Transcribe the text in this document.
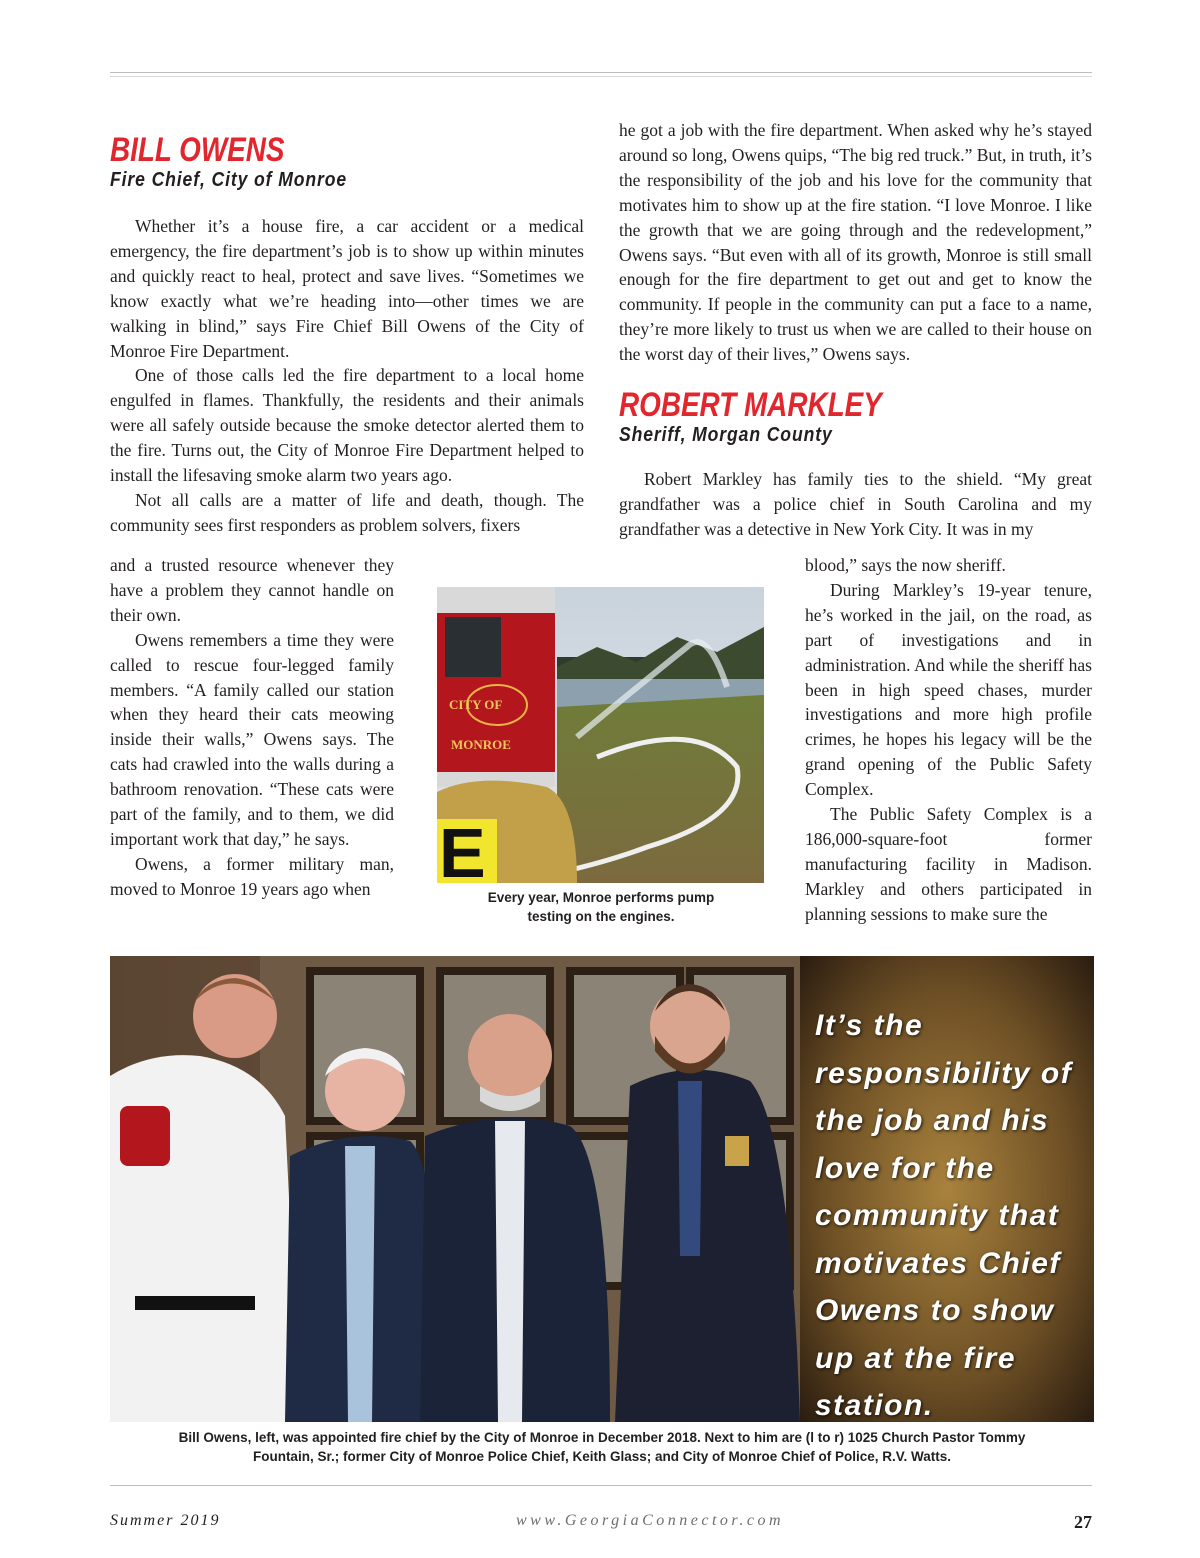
BILL OWENS
Fire Chief, City of Monroe

Whether it’s a house fire, a car accident or a medical emergency, the fire department’s job is to show up within minutes and quickly react to heal, protect and save lives. “Sometimes we know exactly what we’re heading into—other times we are walking in blind,” says Fire Chief Bill Owens of the City of Monroe Fire Department.

One of those calls led the fire department to a local home engulfed in flames. Thankfully, the residents and their animals were all safely outside because the smoke detector alerted them to the fire. Turns out, the City of Monroe Fire Department helped to install the lifesaving smoke alarm two years ago.

Not all calls are a matter of life and death, though. The community sees first responders as problem solvers, fixers

and a trusted resource whenever they have a problem they cannot handle on their own.

Owens remembers a time they were called to rescue four-legged family members. “A family called our station when they heard their cats meowing inside their walls,” Owens says. The cats had crawled into the walls during a bathroom renovation. “These cats were part of the family, and to them, we did important work that day,” he says.

Owens, a former military man, moved to Monroe 19 years ago when

he got a job with the fire department. When asked why he’s stayed around so long, Owens quips, “The big red truck.” But, in truth, it’s the responsibility of the job and his love for the community that motivates him to show up at the fire station. “I love Monroe. I like the growth that we are going through and the redevelopment,” Owens says. “But even with all of its growth, Monroe is still small enough for the fire department to get out and get to know the community. If people in the community can put a face to a name, they’re more likely to trust us when we are called to their house on the worst day of their lives,” Owens says.

ROBERT MARKLEY
Sheriff, Morgan County

Robert Markley has family ties to the shield. “My great grandfather was a police chief in South Carolina and my grandfather was a detective in New York City. It was in my

blood,” says the now sheriff.

During Markley’s 19-year tenure, he’s worked in the jail, on the road, as part of investigations and in administration. And while the sheriff has been in high speed chases, murder investigations and more high profile crimes, he hopes his legacy will be the grand opening of the Public Safety Complex.

The Public Safety Complex is a 186,000-square-foot former manufacturing facility in Madison. Markley and others participated in planning sessions to make sure the

CITY OF
MONROE
E
Every year, Monroe performs pump testing on the engines.
It’s the responsibility of the job and his love for the community that motivates Chief Owens to show up at the fire station.
Bill Owens, left, was appointed fire chief by the City of Monroe in December 2018. Next to him are (l to r) 1025 Church Pastor Tommy Fountain, Sr.; former City of Monroe Police Chief, Keith Glass; and City of Monroe Chief of Police, R.V. Watts.
Summer 2019	www.GeorgiaConnector.com	27
